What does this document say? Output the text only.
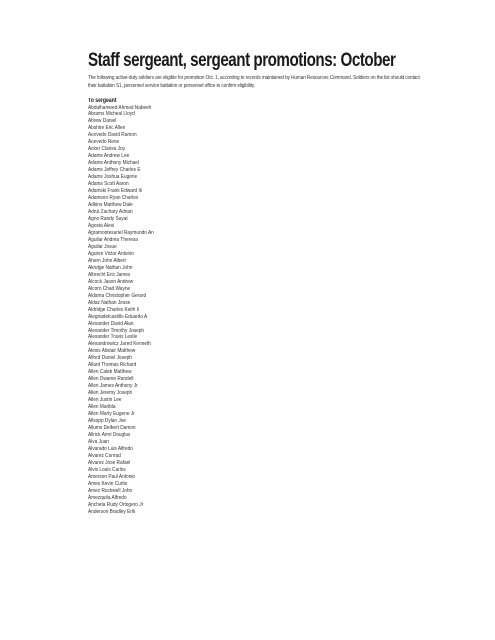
Staff sergeant, sergeant promotions: October

The following active-duty soldiers are eligible for promotion Oct. 1, according to records maintained by Human Resources Command. Soldiers on the list should contact their battalion S1, personnel service battalion or personnel office to confirm eligibility.

To sergeant
Abdulhameed Ahmad Nabeeh
Abrams Micheal Lloyd
Abrew Daniel
Abshire Eric Allen
Acevedo David Ramon
Acevedo Rene
Acker Clarisa Joy
Adams Andrew Lee
Adams Anthony Michael
Adams Jeffrey Charles E
Adams Joshua Eugene
Adams Scott Aaron
Adamski Frank Edward Iii
Adamson Ryan Charles
Adkins Matthew Dale
Adrut Zachary Adrian
Agno Randy Suyat
Agosta Alexi
Agramontesuriel Raymundo An
Aguilar Andrea Theresa
Aguilar Josue
Aguirre Victor Antonio
Ahern John Albert
Akridge Nathan John
Albrecht Eric James
Alcock Jason Andrew
Alcorn Chad Wayne
Aldama Christopher Gerard
Aldaz Nathan Jesse
Aldridge Charles Keith Ii
Alegriadelcastillo Eduardo A
Alexander David Alan
Alexander Timothy Joseph
Alexander Travis Leslie
Alexandrowicz Jared Kenneth
Alexis Alistair Matthew
Alford Daniel Joseph
Allard Thomas Richard
Allen Caleb Matthew
Allen Dwame Randell
Allen James Anthony Jr
Allen Jeremy Joseph
Allen Justin Lee
Allen Maribla
Allen Marty Eugene Jr
Allsopp Dylan Joe
Allums Delbert Damon
Allrick Amri Douglas
Alva Juan
Alvarado Luis Alfredo
Alvarez Conrad
Alvarez Jose Rafael
Alvis Louis Carlos
Amerson Paul Antonio
Ames Kevin Curtis
Amez Rockwell John
Amezquita Alfredo
Ancheta Rudy Ortogero Jr
Anderson Bradley Erik
